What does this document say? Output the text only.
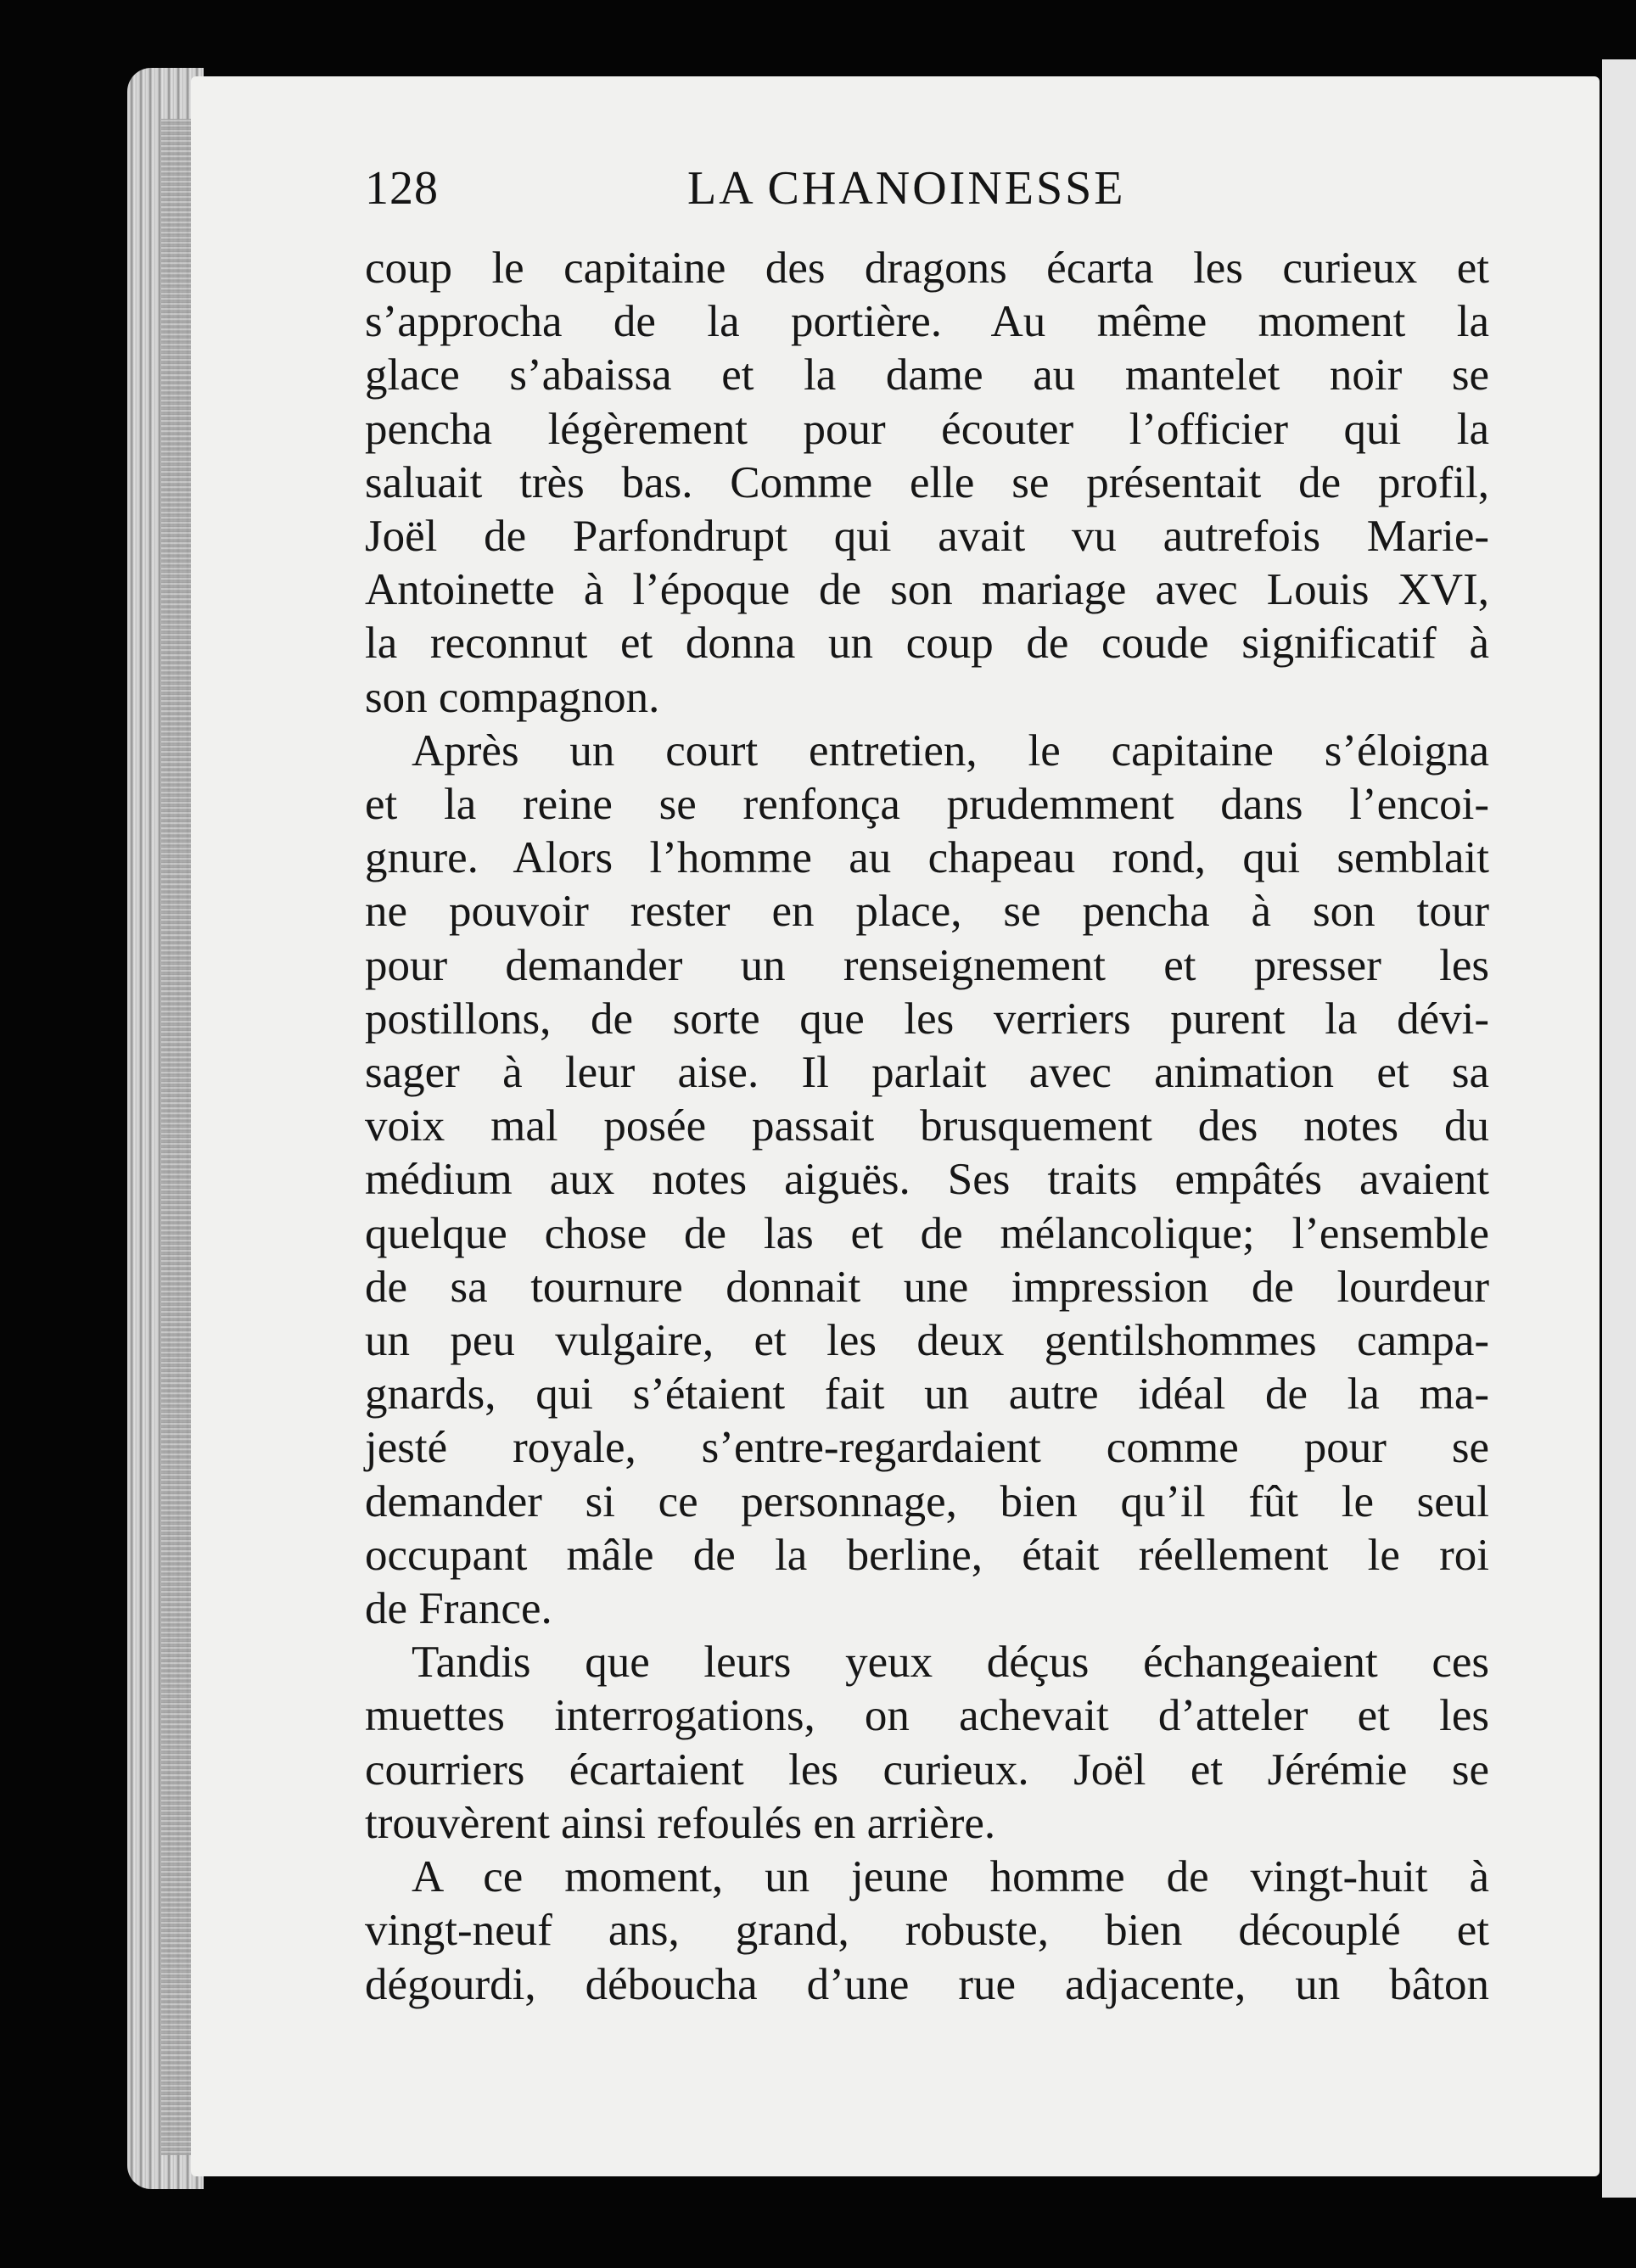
128	LA CHANOINESSE

coup le capitaine des dragons écarta les curieux et
s’approcha de la portière. Au même moment la
glace s’abaissa et la dame au mantelet noir se
pencha légèrement pour écouter l’officier qui la
saluait très bas. Comme elle se présentait de profil,
Joël de Parfondrupt qui avait vu autrefois Marie-
Antoinette à l’époque de son mariage avec Louis XVI,
la reconnut et donna un coup de coude significatif à
son compagnon.

Après un court entretien, le capitaine s’éloigna
et la reine se renfonça prudemment dans l’encoi-
gnure. Alors l’homme au chapeau rond, qui semblait
ne pouvoir rester en place, se pencha à son tour
pour demander un renseignement et presser les
postillons, de sorte que les verriers purent la dévi-
sager à leur aise. Il parlait avec animation et sa
voix mal posée passait brusquement des notes du
médium aux notes aiguës. Ses traits empâtés avaient
quelque chose de las et de mélancolique; l’ensemble
de sa tournure donnait une impression de lourdeur
un peu vulgaire, et les deux gentilshommes campa-
gnards, qui s’étaient fait un autre idéal de la ma-
jesté royale, s’entre-regardaient comme pour se
demander si ce personnage, bien qu’il fût le seul
occupant mâle de la berline, était réellement le roi
de France.

Tandis que leurs yeux déçus échangeaient ces
muettes interrogations, on achevait d’atteler et les
courriers écartaient les curieux. Joël et Jérémie se
trouvèrent ainsi refoulés en arrière.

A ce moment, un jeune homme de vingt-huit à
vingt-neuf ans, grand, robuste, bien découplé et
dégourdi, déboucha d’une rue adjacente, un bâton
